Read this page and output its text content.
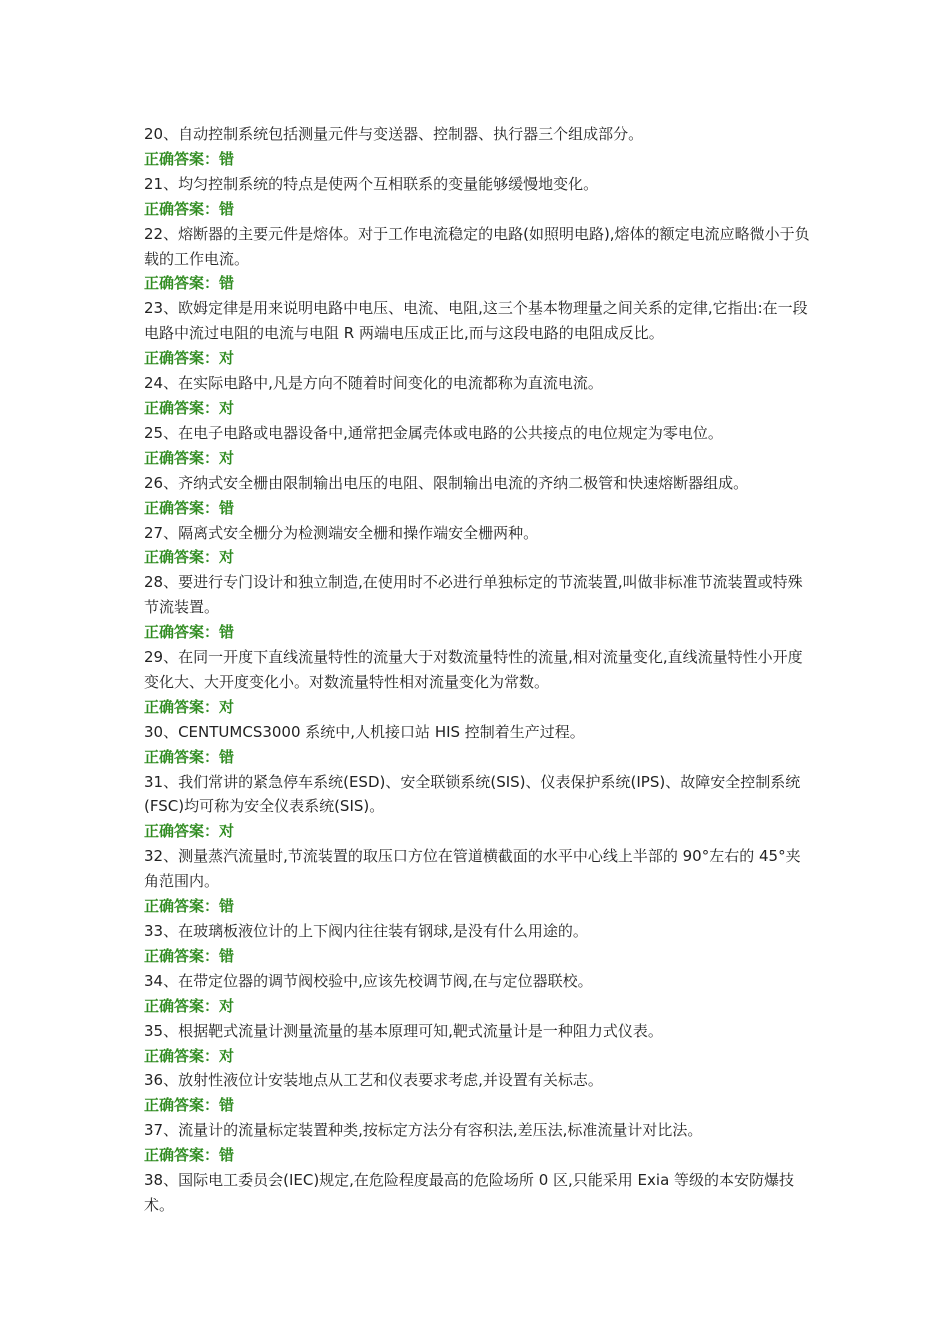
20、自动控制系统包括测量元件与变送器、控制器、执行器三个组成部分。

正确答案：错

21、均匀控制系统的特点是使两个互相联系的变量能够缓慢地变化。

正确答案：错

22、熔断器的主要元件是熔体。对于工作电流稳定的电路(如照明电路),熔体的额定电流应略微小于负载的工作电流。

正确答案：错

23、欧姆定律是用来说明电路中电压、电流、电阻,这三个基本物理量之间关系的定律,它指出:在一段电路中流过电阻的电流与电阻 R 两端电压成正比,而与这段电路的电阻成反比。

正确答案：对

24、在实际电路中,凡是方向不随着时间变化的电流都称为直流电流。

正确答案：对

25、在电子电路或电器设备中,通常把金属壳体或电路的公共接点的电位规定为零电位。

正确答案：对

26、齐纳式安全栅由限制输出电压的电阻、限制输出电流的齐纳二极管和快速熔断器组成。

正确答案：错

27、隔离式安全栅分为检测端安全栅和操作端安全栅两种。

正确答案：对

28、要进行专门设计和独立制造,在使用时不必进行单独标定的节流装置,叫做非标准节流装置或特殊节流装置。

正确答案：错

29、在同一开度下直线流量特性的流量大于对数流量特性的流量,相对流量变化,直线流量特性小开度变化大、大开度变化小。对数流量特性相对流量变化为常数。

正确答案：对

30、CENTUMCS3000 系统中,人机接口站 HIS 控制着生产过程。

正确答案：错

31、我们常讲的紧急停车系统(ESD)、安全联锁系统(SIS)、仪表保护系统(IPS)、故障安全控制系统(FSC)均可称为安全仪表系统(SIS)。

正确答案：对

32、测量蒸汽流量时,节流装置的取压口方位在管道横截面的水平中心线上半部的 90°左右的 45°夹角范围内。

正确答案：错

33、在玻璃板液位计的上下阀内往往装有钢球,是没有什么用途的。

正确答案：错

34、在带定位器的调节阀校验中,应该先校调节阀,在与定位器联校。

正确答案：对

35、根据靶式流量计测量流量的基本原理可知,靶式流量计是一种阻力式仪表。

正确答案：对

36、放射性液位计安装地点从工艺和仪表要求考虑,并设置有关标志。

正确答案：错

37、流量计的流量标定装置种类,按标定方法分有容积法,差压法,标准流量计对比法。

正确答案：错

38、国际电工委员会(IEC)规定,在危险程度最高的危险场所 0 区,只能采用 Exia 等级的本安防爆技术。
